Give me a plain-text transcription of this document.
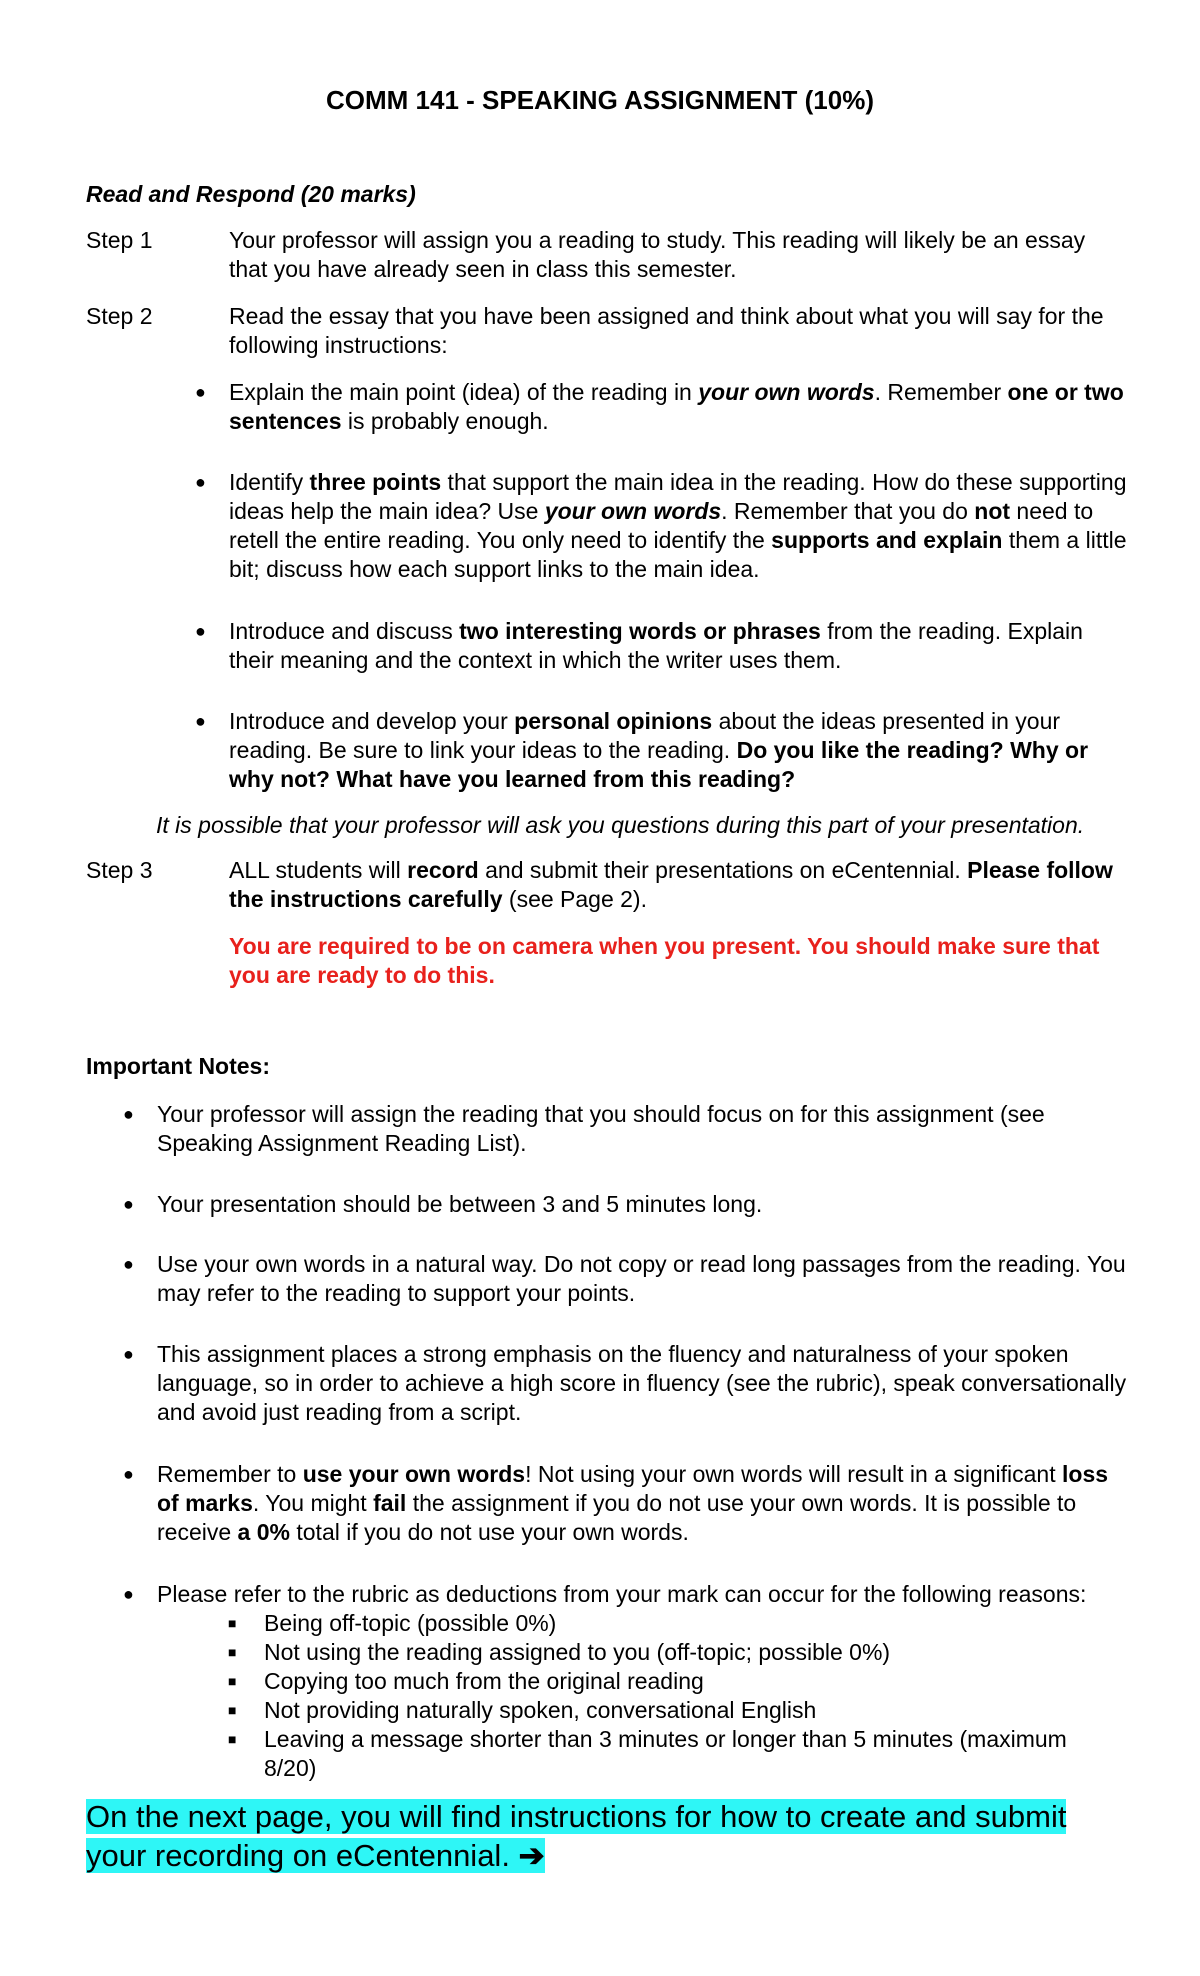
COMM 141 - SPEAKING ASSIGNMENT (10%)
Read and Respond (20 marks)
Step 1	Your professor will assign you a reading to study. This reading will likely be an essay that you have already seen in class this semester.
Step 2	Read the essay that you have been assigned and think about what you will say for the following instructions:
● Explain the main point (idea) of the reading in your own words. Remember one or two sentences is probably enough.
● Identify three points that support the main idea in the reading. How do these supporting ideas help the main idea? Use your own words. Remember that you do not need to retell the entire reading. You only need to identify the supports and explain them a little bit; discuss how each support links to the main idea.
● Introduce and discuss two interesting words or phrases from the reading. Explain their meaning and the context in which the writer uses them.
● Introduce and develop your personal opinions about the ideas presented in your reading. Be sure to link your ideas to the reading. Do you like the reading? Why or why not? What have you learned from this reading?
It is possible that your professor will ask you questions during this part of your presentation.
Step 3	ALL students will record and submit their presentations on eCentennial. Please follow the instructions carefully (see Page 2).
You are required to be on camera when you present. You should make sure that you are ready to do this.
Important Notes:
● Your professor will assign the reading that you should focus on for this assignment (see Speaking Assignment Reading List).
● Your presentation should be between 3 and 5 minutes long.
● Use your own words in a natural way. Do not copy or read long passages from the reading. You may refer to the reading to support your points.
● This assignment places a strong emphasis on the fluency and naturalness of your spoken language, so in order to achieve a high score in fluency (see the rubric), speak conversationally and avoid just reading from a script.
● Remember to use your own words! Not using your own words will result in a significant loss of marks. You might fail the assignment if you do not use your own words. It is possible to receive a 0% total if you do not use your own words.
● Please refer to the rubric as deductions from your mark can occur for the following reasons:
■ Being off-topic (possible 0%)
■ Not using the reading assigned to you (off-topic; possible 0%)
■ Copying too much from the original reading
■ Not providing naturally spoken, conversational English
■ Leaving a message shorter than 3 minutes or longer than 5 minutes (maximum 8/20)
On the next page, you will find instructions for how to create and submit your recording on eCentennial. ➔
